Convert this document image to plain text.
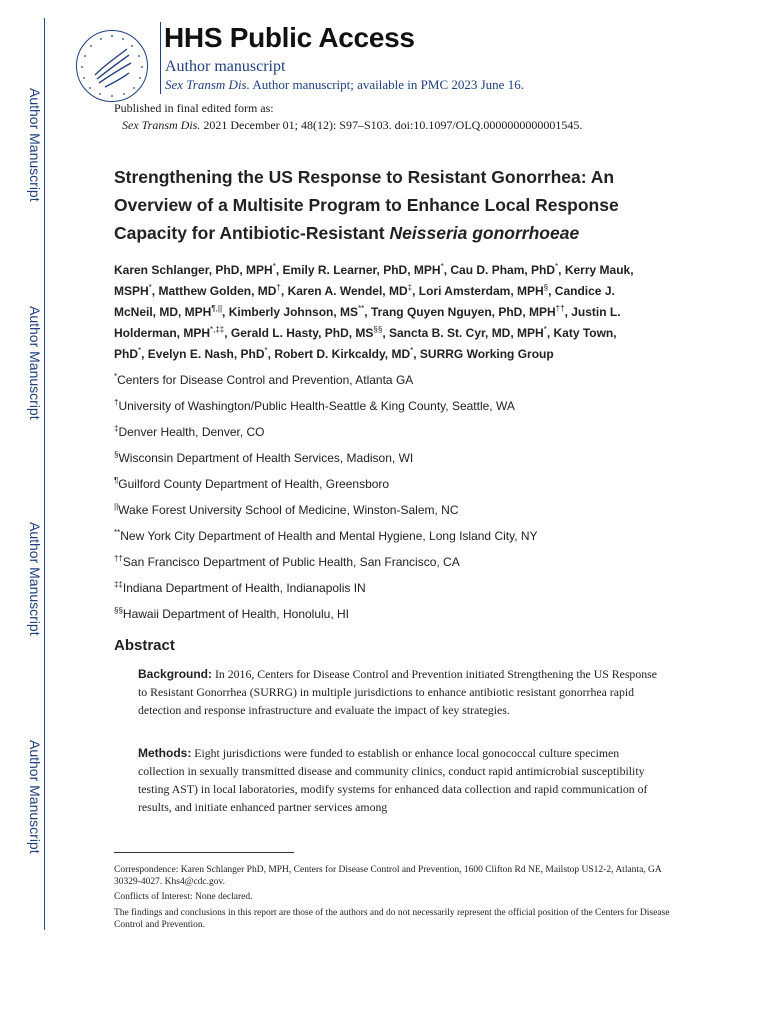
Author Manuscript
Author Manuscript
Author Manuscript
Author Manuscript
HHS Public Access
Author manuscript
Sex Transm Dis. Author manuscript; available in PMC 2023 June 16.
Published in final edited form as:
Sex Transm Dis. 2021 December 01; 48(12): S97–S103. doi:10.1097/OLQ.0000000000001545.
Strengthening the US Response to Resistant Gonorrhea: An Overview of a Multisite Program to Enhance Local Response Capacity for Antibiotic-Resistant Neisseria gonorrhoeae
Karen Schlanger, PhD, MPH*, Emily R. Learner, PhD, MPH*, Cau D. Pham, PhD*, Kerry Mauk, MSPH*, Matthew Golden, MD†, Karen A. Wendel, MD‡, Lori Amsterdam, MPH§, Candice J. McNeil, MD, MPH¶,||, Kimberly Johnson, MS**, Trang Quyen Nguyen, PhD, MPH††, Justin L. Holderman, MPH*,‡‡, Gerald L. Hasty, PhD, MS§§, Sancta B. St. Cyr, MD, MPH*, Katy Town, PhD*, Evelyn E. Nash, PhD*, Robert D. Kirkcaldy, MD*, SURRG Working Group
*Centers for Disease Control and Prevention, Atlanta GA
†University of Washington/Public Health-Seattle & King County, Seattle, WA
‡Denver Health, Denver, CO
§Wisconsin Department of Health Services, Madison, WI
¶Guilford County Department of Health, Greensboro
||Wake Forest University School of Medicine, Winston-Salem, NC
**New York City Department of Health and Mental Hygiene, Long Island City, NY
††San Francisco Department of Public Health, San Francisco, CA
‡‡Indiana Department of Health, Indianapolis IN
§§Hawaii Department of Health, Honolulu, HI
Abstract
Background: In 2016, Centers for Disease Control and Prevention initiated Strengthening the US Response to Resistant Gonorrhea (SURRG) in multiple jurisdictions to enhance antibiotic resistant gonorrhea rapid detection and response infrastructure and evaluate the impact of key strategies.
Methods: Eight jurisdictions were funded to establish or enhance local gonococcal culture specimen collection in sexually transmitted disease and community clinics, conduct rapid antimicrobial susceptibility testing AST) in local laboratories, modify systems for enhanced data collection and rapid communication of results, and initiate enhanced partner services among
Correspondence: Karen Schlanger PhD, MPH, Centers for Disease Control and Prevention, 1600 Clifton Rd NE, Mailstop US12-2, Atlanta, GA 30329-4027. Khs4@cdc.gov.
Conflicts of Interest: None declared.
The findings and conclusions in this report are those of the authors and do not necessarily represent the official position of the Centers for Disease Control and Prevention.
